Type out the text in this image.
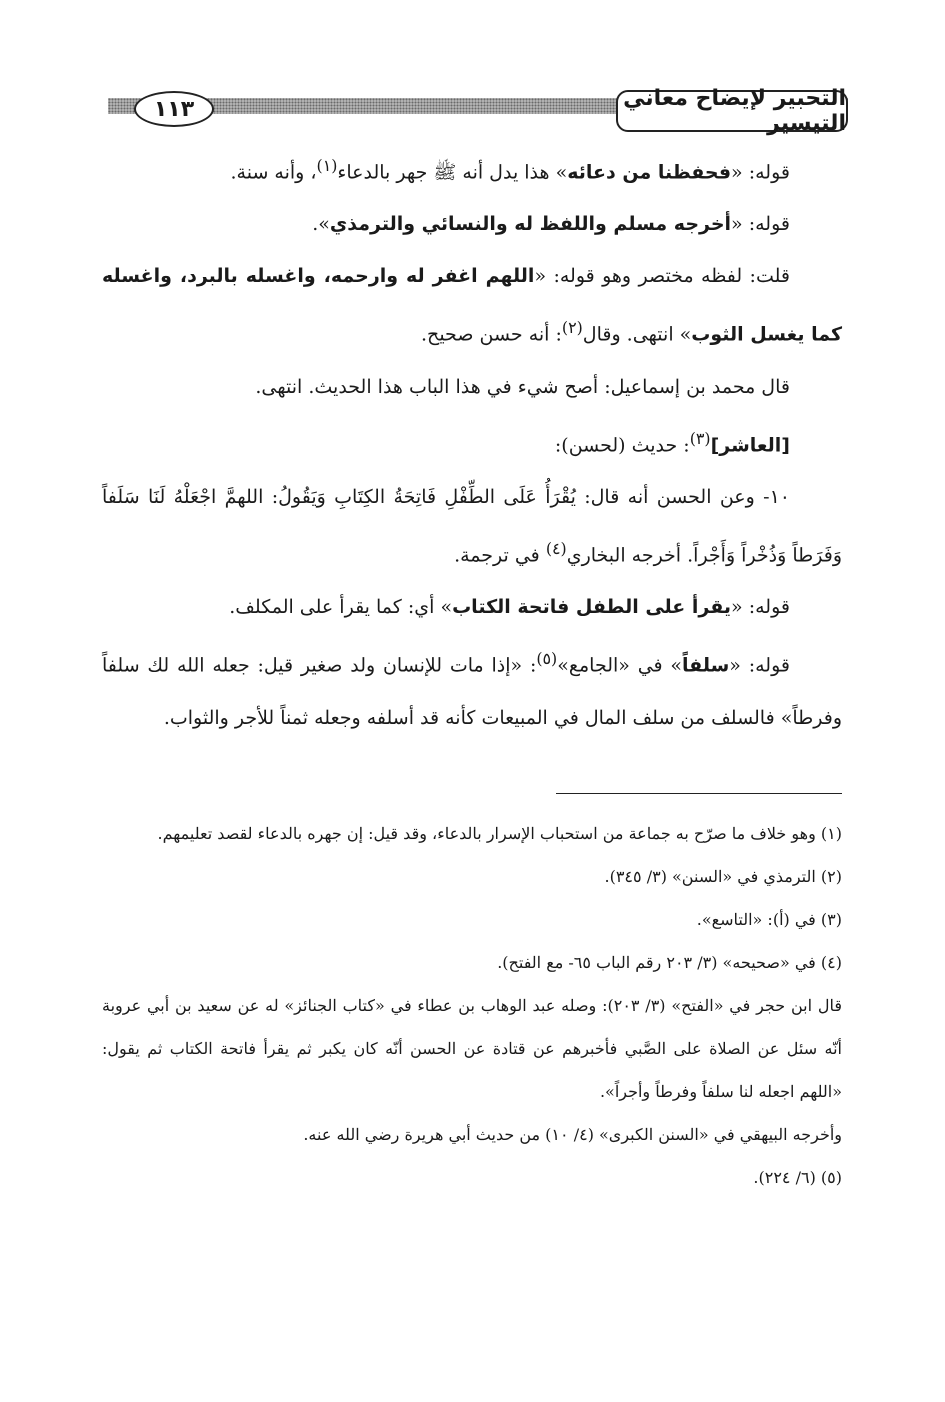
التحبير لإيضاح معاني التيسير
١١٣

قوله: «فحفظنا من دعائه» هذا يدل أنه ﷺ جهر بالدعاء$^{(١)}$، وأنه سنة.

قوله: «أخرجه مسلم واللفظ له والنسائي والترمذي».

قلت: لفظه مختصر وهو قوله: «اللهم اغفر له وارحمه، واغسله بالبرد، واغسله كما يغسل الثوب» انتهى. وقال$^{(٢)}$: أنه حسن صحيح.

قال محمد بن إسماعيل: أصح شيء في هذا الباب هذا الحديث. انتهى.

[العاشر]$^{(٣)}$: حديث (لحسن):

١٠- وعن الحسن أنه قال: يُقْرَأُ عَلَى الطِّفْلِ فَاتِحَةُ الكِتَابِ وَيَقُولُ: اللهمَّ اجْعَلْهُ لَنَا سَلَفاً وَفَرَطاً وَذُخْراً وَأَجْراً. أخرجه البخاري$^{(٤)}$ في ترجمة.

قوله: «يقرأ على الطفل فاتحة الكتاب» أي: كما يقرأ على المكلف.

قوله: «سلفاً» في «الجامع»$^{(٥)}$: «إذا مات للإنسان ولد صغير قيل: جعله الله لك سلفاً وفرطاً» فالسلف من سلف المال في المبيعات كأنه قد أسلفه وجعله ثمناً للأجر والثواب.

(١) وهو خلاف ما صرّح به جماعة من استحباب الإسرار بالدعاء، وقد قيل: إن جهره بالدعاء لقصد تعليمهم.

(٢) الترمذي في «السنن» (٣/ ٣٤٥).

(٣) في (أ): «التاسع».

(٤) في «صحيحه» (٣/ ٢٠٣ رقم الباب ٦٥- مع الفتح).

قال ابن حجر في «الفتح» (٣/ ٢٠٣): وصله عبد الوهاب بن عطاء في «كتاب الجنائز» له عن سعيد بن أبي عروبة أنّه سئل عن الصلاة على الصَّبي فأخبرهم عن قتادة عن الحسن أنّه كان يكبر ثم يقرأ فاتحة الكتاب ثم يقول: «اللهم اجعله لنا سلفاً وفرطاً وأجراً».

وأخرجه البيهقي في «السنن الكبرى» (٤/ ١٠) من حديث أبي هريرة رضي الله عنه.

(٥) (٦/ ٢٢٤).
